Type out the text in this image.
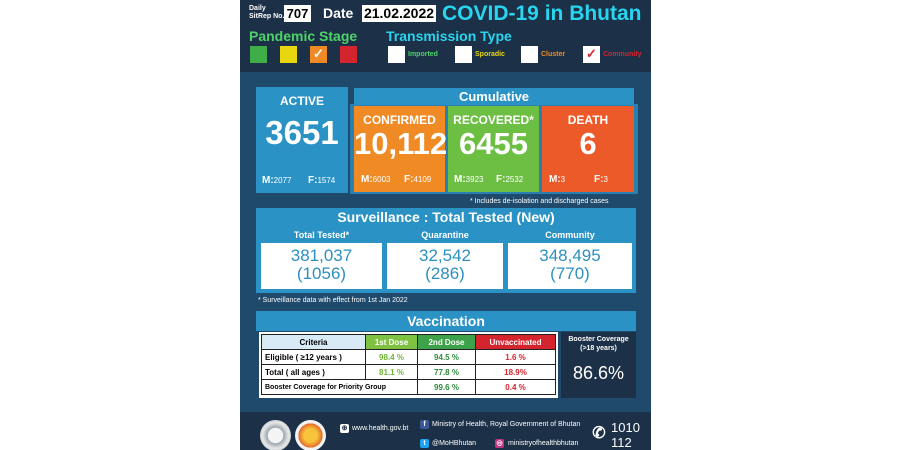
Daily SitRep No. 707 Date 21.02.2022 COVID-19 in Bhutan
Pandemic Stage Transmission Type
✓	Imported	Sporadic	Cluster ✓ Community
ACTIVE
3651
M:2077 F:1574
Cumulative
CONFIRMED
10,112
M:6003 F:4109
RECOVERED*
6455
M:3923 F:2532
DEATH
6
M:3	F:3
* Includes de-isolation and discharged cases
Surveillance : Total Tested (New)
Total Tested*
381,037
(1056)
Quarantine
32,542
(286)
Community
348,495
(770)
* Surveillance data with effect from 1st Jan 2022
Vaccination
Criteria	1st Dose	2nd Dose	Unvaccinated
Eligible ( ≥12 years )	98.4 %	94.5 %	1.6 %
Total ( all ages )	81.1 %	77.8 %	18.9%
Booster Coverage for Priority Group		99.6 %	0.4 %
Booster Coverage (>18 years)
86.6%
⊕ www.health.gov.bt
f Ministry of Health, Royal Government of Bhutan
t @MoHBhutan	◎ ministryofhealthbhutan
✆ 1010
112
